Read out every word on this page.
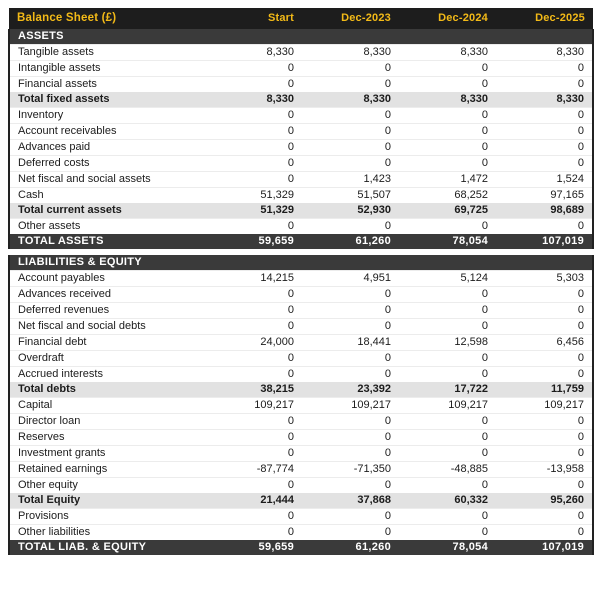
Balance Sheet (£)	Start	Dec-2023	Dec-2024	Dec-2025
ASSETS				
Tangible assets	8,330	8,330	8,330	8,330
Intangible assets	0	0	0	0
Financial assets	0	0	0	0
Total fixed assets	8,330	8,330	8,330	8,330
Inventory	0	0	0	0
Account receivables	0	0	0	0
Advances paid	0	0	0	0
Deferred costs	0	0	0	0
Net fiscal and social assets	0	1,423	1,472	1,524
Cash	51,329	51,507	68,252	97,165
Total current assets	51,329	52,930	69,725	98,689
Other assets	0	0	0	0
TOTAL ASSETS	59,659	61,260	78,054	107,019
LIABILITIES & EQUITY				
Account payables	14,215	4,951	5,124	5,303
Advances received	0	0	0	0
Deferred revenues	0	0	0	0
Net fiscal and social debts	0	0	0	0
Financial debt	24,000	18,441	12,598	6,456
Overdraft	0	0	0	0
Accrued interests	0	0	0	0
Total debts	38,215	23,392	17,722	11,759
Capital	109,217	109,217	109,217	109,217
Director loan	0	0	0	0
Reserves	0	0	0	0
Investment grants	0	0	0	0
Retained earnings	-87,774	-71,350	-48,885	-13,958
Other equity	0	0	0	0
Total Equity	21,444	37,868	60,332	95,260
Provisions	0	0	0	0
Other liabilities	0	0	0	0
TOTAL LIAB. & EQUITY	59,659	61,260	78,054	107,019
